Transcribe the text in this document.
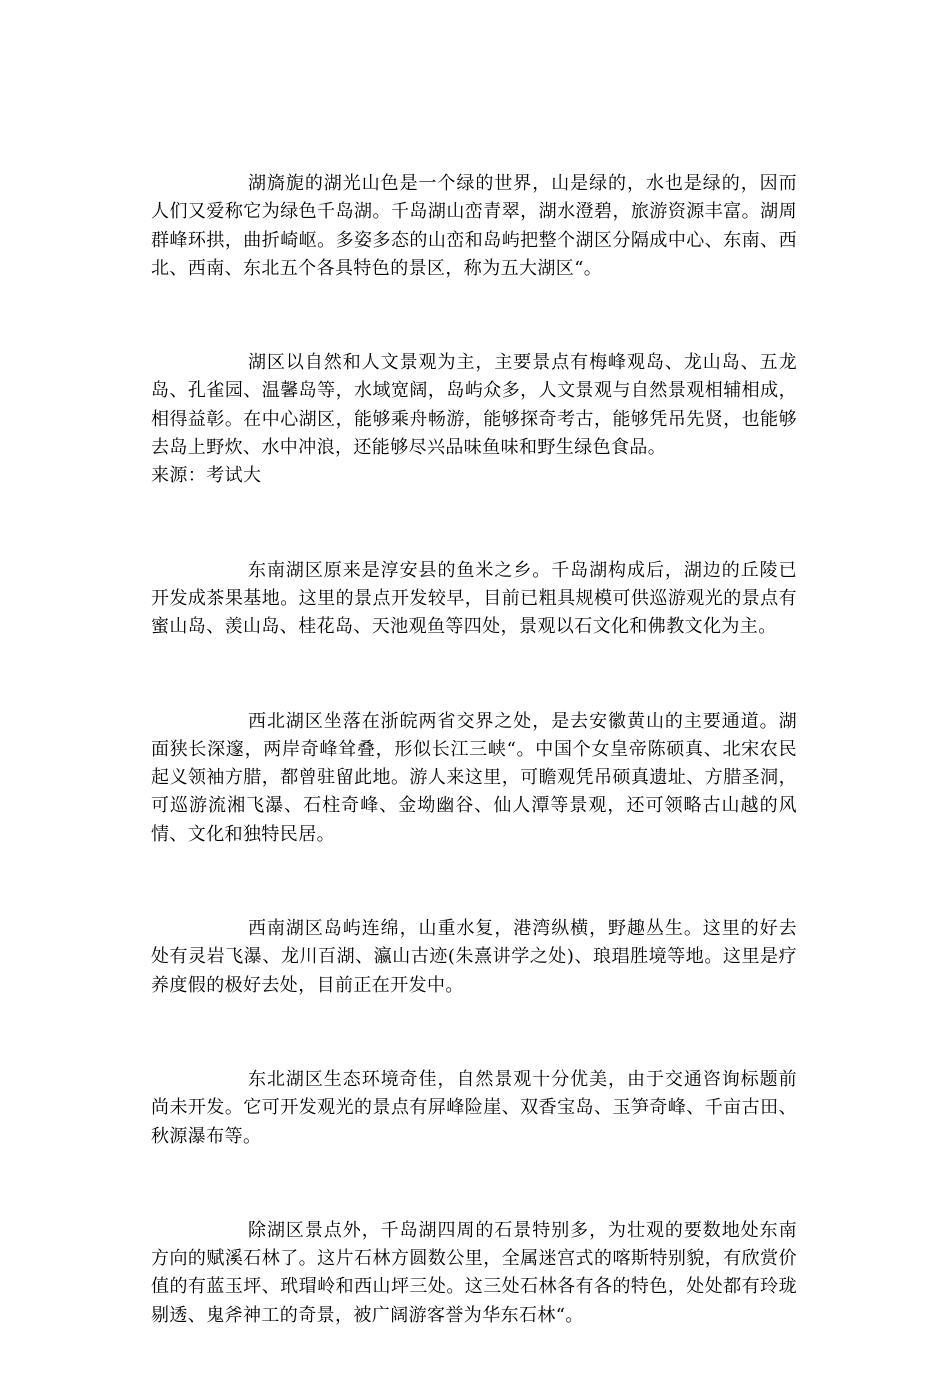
湖旖旎的湖光山色是一个绿的世界，山是绿的，水也是绿的，因而人们又爱称它为绿色千岛湖。千岛湖山峦青翠，湖水澄碧，旅游资源丰富。湖周群峰环拱，曲折崎岖。多姿多态的山峦和岛屿把整个湖区分隔成中心、东南、西北、西南、东北五个各具特色的景区，称为五大湖区“。

湖区以自然和人文景观为主，主要景点有梅峰观岛、龙山岛、五龙岛、孔雀园、温馨岛等，水域宽阔，岛屿众多，人文景观与自然景观相辅相成，相得益彰。在中心湖区，能够乘舟畅游，能够探奇考古，能够凭吊先贤，也能够去岛上野炊、水中冲浪，还能够尽兴品味鱼味和野生绿色食品。
来源：考试大

东南湖区原来是淳安县的鱼米之乡。千岛湖构成后，湖边的丘陵已开发成茶果基地。这里的景点开发较早，目前已粗具规模可供巡游观光的景点有蜜山岛、羡山岛、桂花岛、天池观鱼等四处，景观以石文化和佛教文化为主。

西北湖区坐落在浙皖两省交界之处，是去安徽黄山的主要通道。湖面狭长深邃，两岸奇峰耸叠，形似长江三峡“。中国个女皇帝陈硕真、北宋农民起义领袖方腊，都曾驻留此地。游人来这里，可瞻观凭吊硕真遗址、方腊圣洞，可巡游流湘飞瀑、石柱奇峰、金坳幽谷、仙人潭等景观，还可领略古山越的风情、文化和独特民居。

西南湖区岛屿连绵，山重水复，港湾纵横，野趣丛生。这里的好去处有灵岩飞瀑、龙川百湖、瀛山古迹(朱熹讲学之处)、琅琩胜境等地。这里是疗养度假的极好去处，目前正在开发中。

东北湖区生态环境奇佳，自然景观十分优美，由于交通咨询标题前尚未开发。它可开发观光的景点有屏峰险崖、双香宝岛、玉笋奇峰、千亩古田、秋源瀑布等。

除湖区景点外，千岛湖四周的石景特别多，为壮观的要数地处东南方向的赋溪石林了。这片石林方圆数公里，全属迷宫式的喀斯特别貌，有欣赏价值的有蓝玉坪、玳瑁岭和西山坪三处。这三处石林各有各的特色，处处都有玲珑剔透、鬼斧神工的奇景，被广阔游客誉为华东石林“。
